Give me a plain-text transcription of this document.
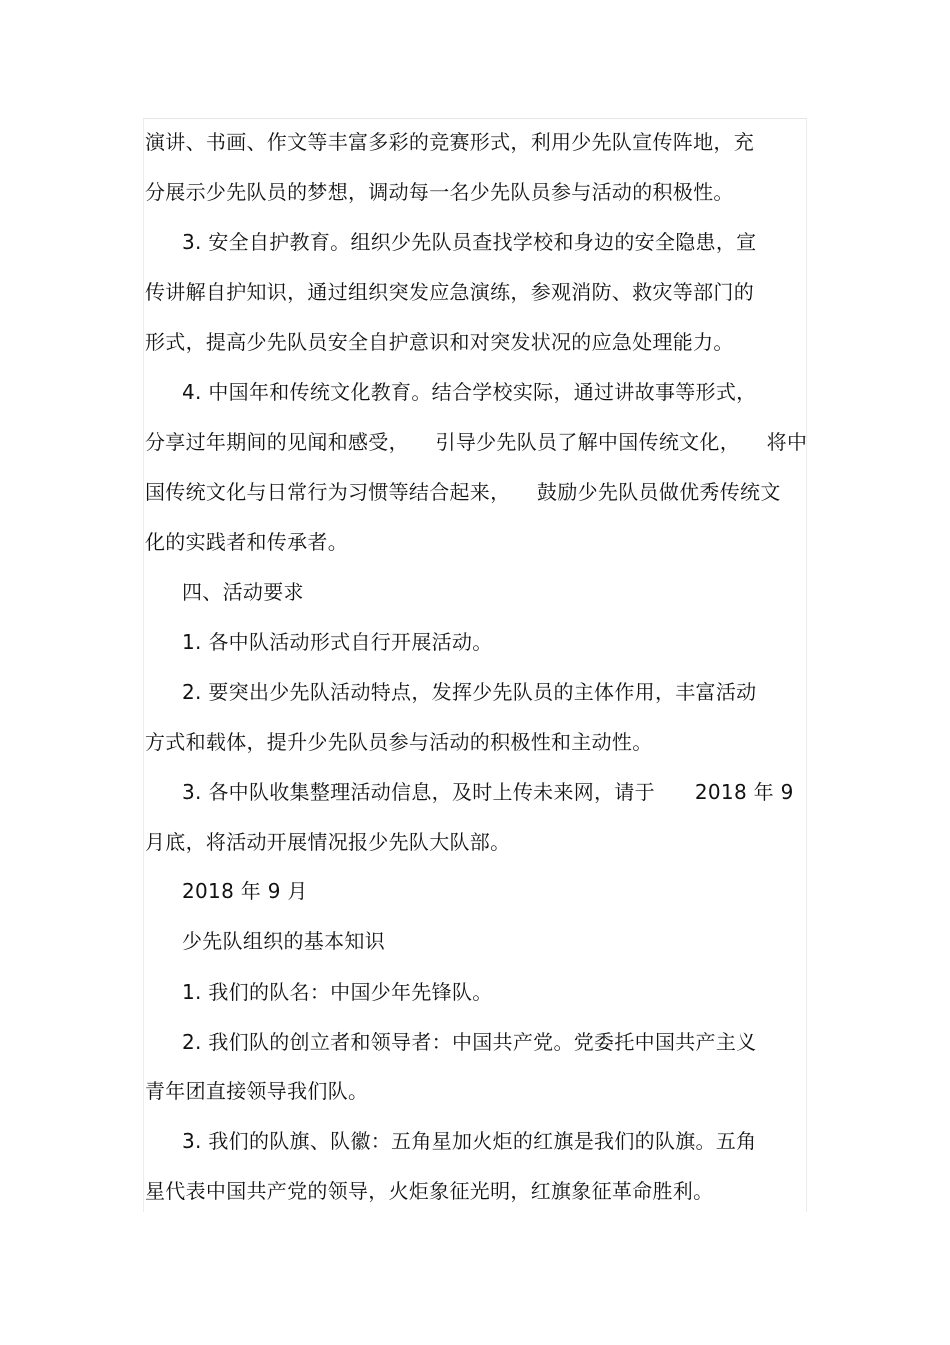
演讲、书画、作文等丰富多彩的竞赛形式，利用少先队宣传阵地，充
分展示少先队员的梦想，调动每一名少先队员参与活动的积极性。
3. 安全自护教育。组织少先队员查找学校和身边的安全隐患，宣
传讲解自护知识，通过组织突发应急演练，参观消防、救灾等部门的
形式，提高少先队员安全自护意识和对突发状况的应急处理能力。
4. 中国年和传统文化教育。结合学校实际，通过讲故事等形式，
分享过年期间的见闻和感受，    引导少先队员了解中国传统文化，    将中
国传统文化与日常行为习惯等结合起来，    鼓励少先队员做优秀传统文
化的实践者和传承者。
四、活动要求
1. 各中队活动形式自行开展活动。
2. 要突出少先队活动特点，发挥少先队员的主体作用，丰富活动
方式和载体，提升少先队员参与活动的积极性和主动性。
3. 各中队收集整理活动信息，及时上传未来网，请于      2018 年 9
月底，将活动开展情况报少先队大队部。
2018 年 9 月
少先队组织的基本知识
1. 我们的队名：中国少年先锋队。
2. 我们队的创立者和领导者：中国共产党。党委托中国共产主义
青年团直接领导我们队。
3. 我们的队旗、队徽：五角星加火炬的红旗是我们的队旗。五角
星代表中国共产党的领导，火炬象征光明，红旗象征革命胜利。
